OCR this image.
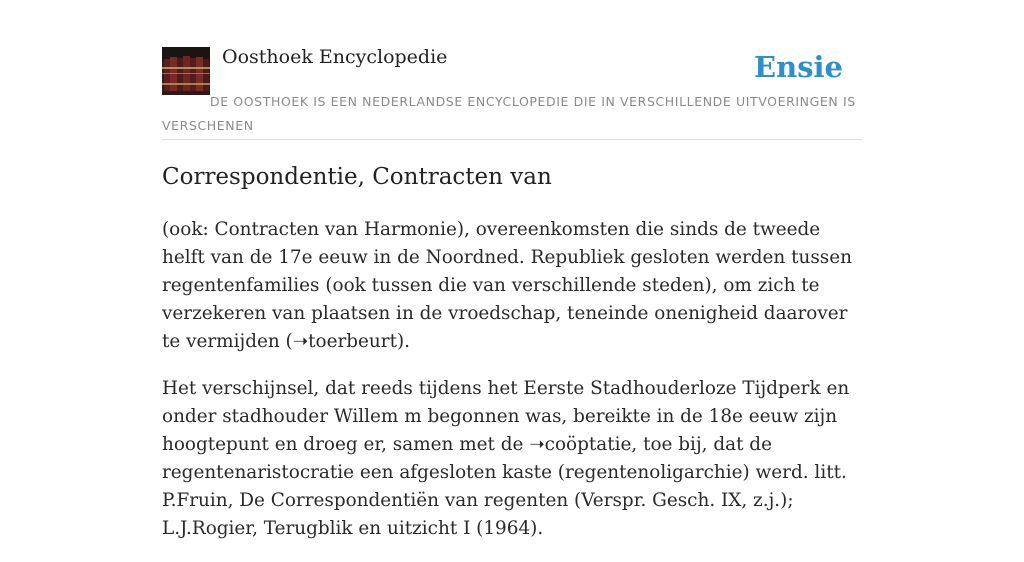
Oosthoek Encyclopedie	Ensie
DE OOSTHOEK IS EEN NEDERLANDSE ENCYCLOPEDIE DIE IN VERSCHILLENDE UITVOERINGEN IS VERSCHENEN
Correspondentie, Contracten van

(ook: Contracten van Harmonie), overeenkomsten die sinds de tweede helft van de 17e eeuw in de Noordned. Republiek gesloten werden tussen regentenfamilies (ook tussen die van verschillende steden), om zich te verzekeren van plaatsen in de vroedschap, teneinde onenigheid daarover te vermijden (➝toerbeurt).

Het verschijnsel, dat reeds tijdens het Eerste Stadhouderloze Tijdperk en onder stadhouder Willem m begonnen was, bereikte in de 18e eeuw zijn hoogtepunt en droeg er, samen met de ➝coöptatie, toe bij, dat de regentenaristocratie een afgesloten kaste (regentenoligarchie) werd. litt. P.Fruin, De Correspondentiën van regenten (Verspr. Gesch. IX, z.j.); L.J.Rogier, Terugblik en uitzicht I (1964).
